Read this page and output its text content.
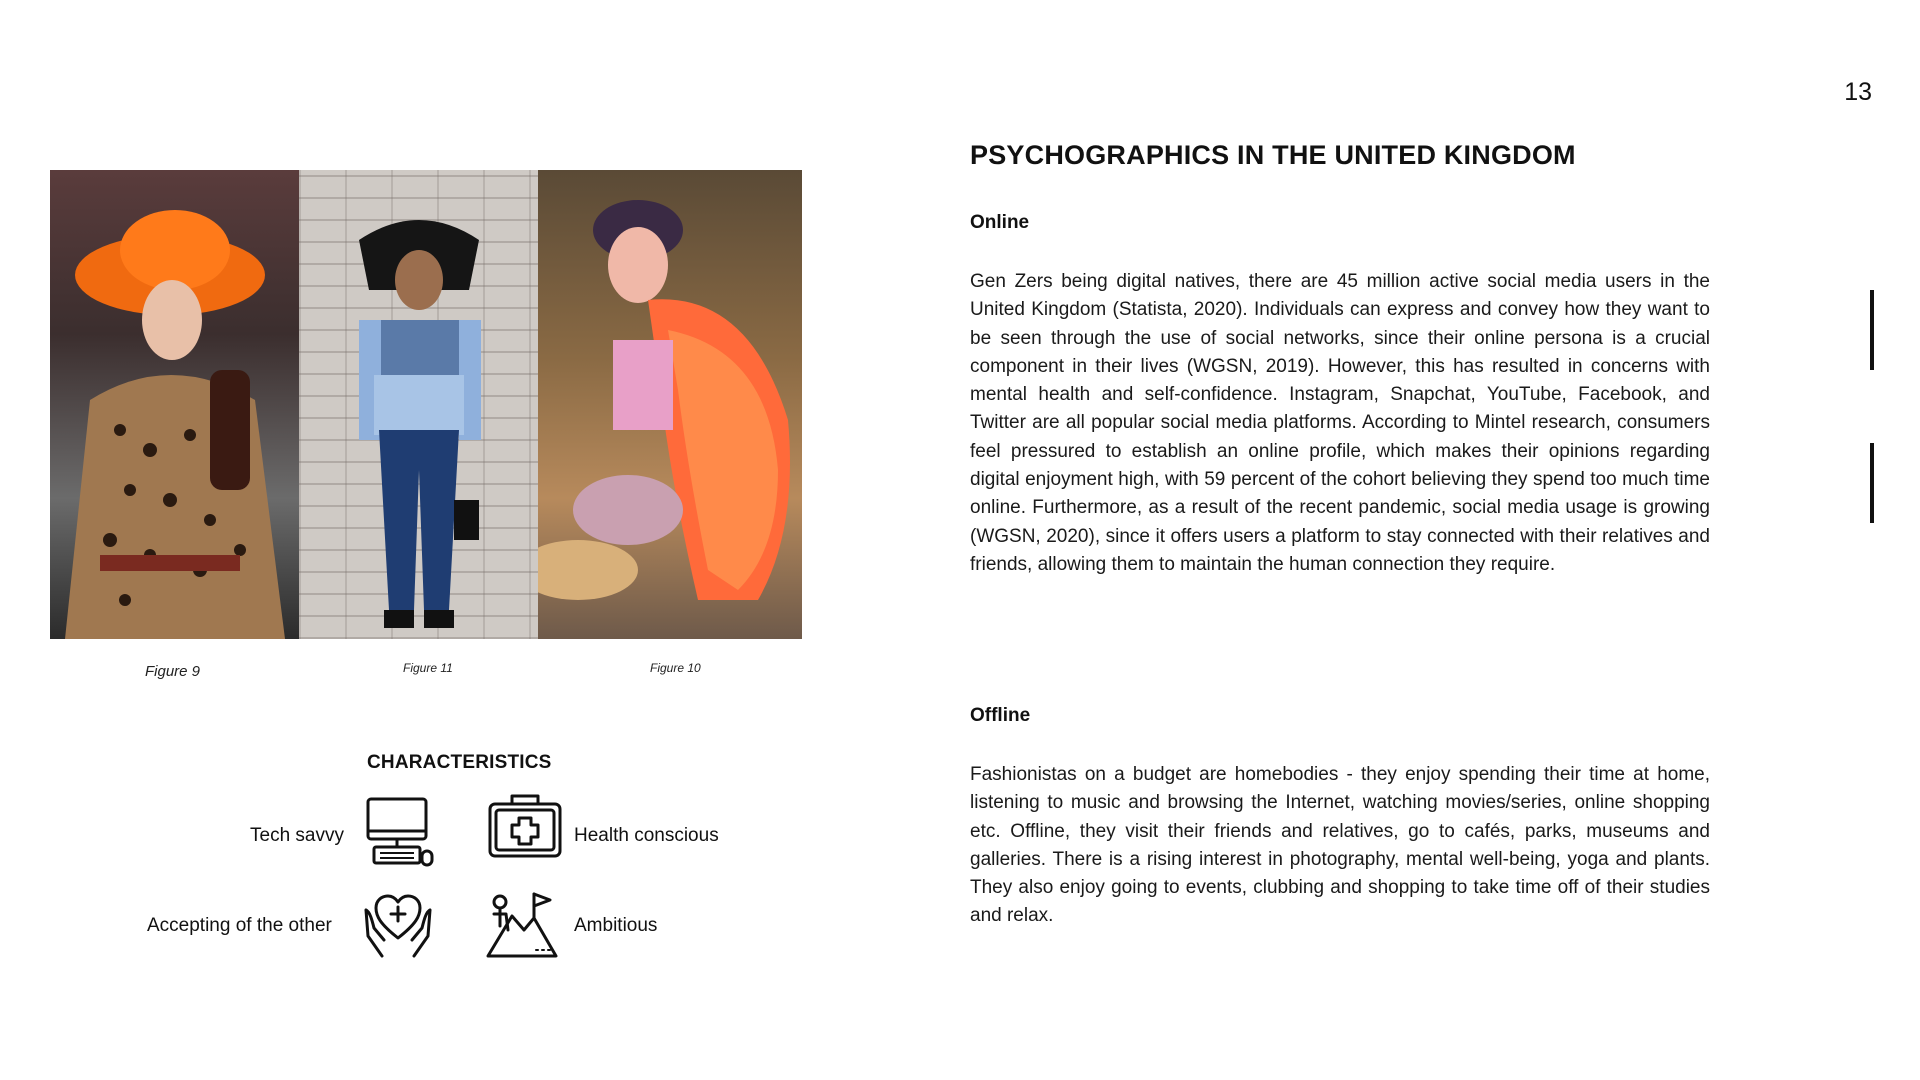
13
Figure 9	Figure 11	Figure 10
CHARACTERISTICS
Tech savvy	Health conscious
Accepting of the other	Ambitious
PSYCHOGRAPHICS IN THE UNITED KINGDOM
Online

Gen Zers being digital natives, there are 45 million active social media users in the United Kingdom (Statista, 2020). Individuals can express and convey how they want to be seen through the use of social networks, since their online persona is a crucial component in their lives (WGSN, 2019). However, this has resulted in concerns with mental health and self-confidence. Instagram, Snapchat, YouTube, Facebook, and Twitter are all popular social media platforms. According to Mintel research, consumers feel pressured to establish an online profile, which makes their opinions regarding digital enjoyment high, with 59 percent of the cohort believing they spend too much time online. Furthermore, as a result of the recent pandemic, social media usage is growing (WGSN, 2020), since it offers users a platform to stay connected with their relatives and friends, allowing them to maintain the human connection they require.

Offline

Fashionistas on a budget are homebodies - they enjoy spending their time at home, listening to music and browsing the Internet, watching movies/series, online shopping etc. Offline, they visit their friends and relatives, go to cafés, parks, museums and galleries. There is a rising interest in photography, mental well-being, yoga and plants. They also enjoy going to events, clubbing and shopping to take time off of their studies and relax.
